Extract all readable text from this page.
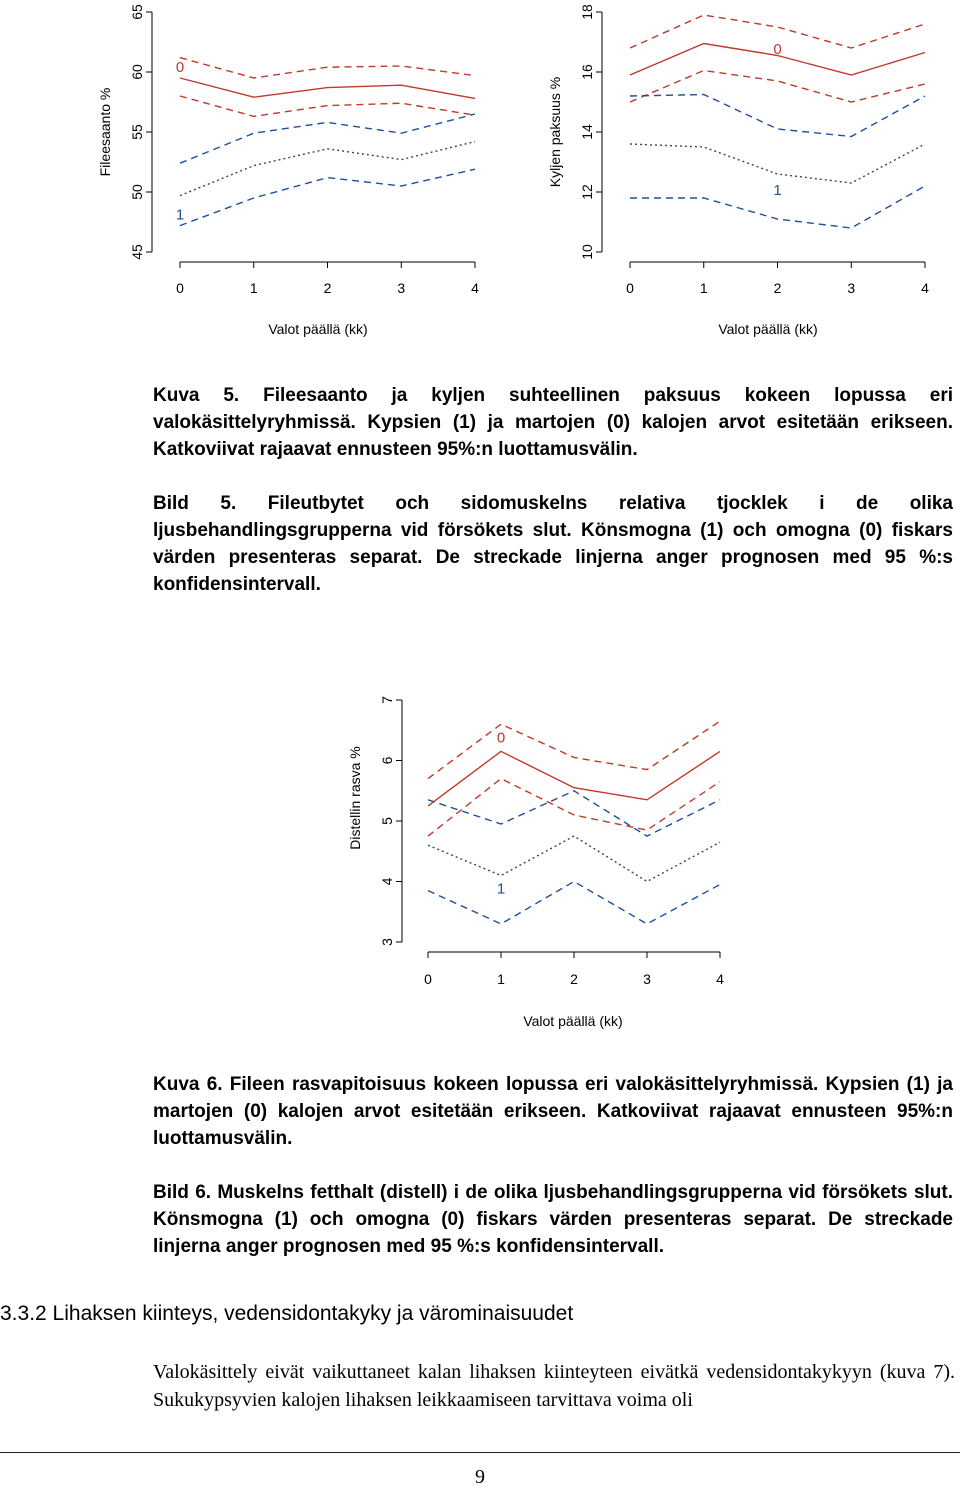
45
50
55
60
65
0	1	2	3	4
Valot päällä (kk)
Fileesaanto %
0
1
10
12
14
16
18
0	1	2	3	4
Valot päällä (kk)
Kyljen paksuus %
0
1

Kuva 5. Fileesaanto ja kyljen suhteellinen paksuus kokeen lopussa eri valokäsittelyryhmissä. Kypsien (1) ja martojen (0) kalojen arvot esitetään erikseen. Katkoviivat rajaavat ennusteen 95%:n luottamusvälin.

Bild 5. Fileutbytet och sidomuskelns relativa tjocklek i de olika ljusbehandlingsgrupperna vid försökets slut. Könsmogna (1) och omogna (0) fiskars värden presenteras separat. De streckade linjerna anger prognosen med 95 %:s konfidensintervall.

3
4
5
6
7
0	1	2	3	4
Valot päällä (kk)
Distellin rasva %
0
1

Kuva 6. Fileen rasvapitoisuus kokeen lopussa eri valokäsittelyryhmissä. Kypsien (1) ja martojen (0) kalojen arvot esitetään erikseen. Katkoviivat rajaavat ennusteen 95%:n luottamusvälin.

Bild 6. Muskelns fetthalt (distell) i de olika ljusbehandlingsgrupperna vid försökets slut. Könsmogna (1) och omogna (0) fiskars värden presenteras separat. De streckade linjerna anger prognosen med 95 %:s konfidensintervall.

3.3.2 Lihaksen kiinteys, vedensidontakyky ja värominaisuudet
Valokäsittely eivät vaikuttaneet kalan lihaksen kiinteyteen eivätkä vedensidontakykyyn (kuva 7). Sukukypsyvien kalojen lihaksen leikkaamiseen tarvittava voima oli
9
